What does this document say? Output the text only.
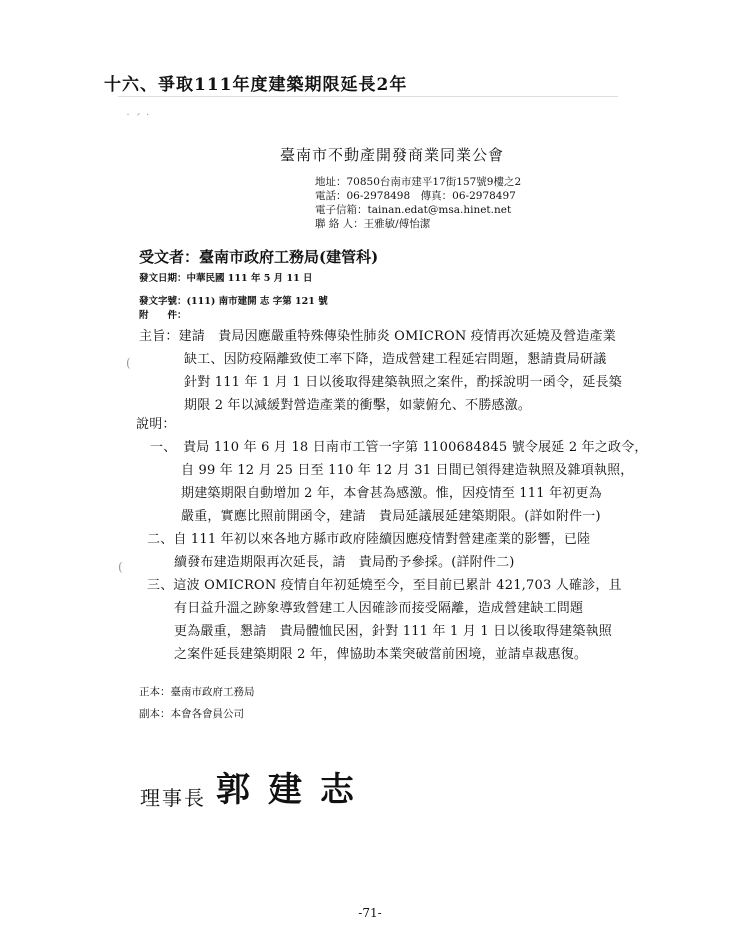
十六、爭取111年度建築期限延長2年
˙ ˊ ˙
(
(
臺南市不動產開發商業同業公會
地址：70850台南市建平17街157號9樓之2
電話：06-2978498　傳真：06-2978497
電子信箱：tainan.edat@msa.hinet.net
聯 絡 人：王雅敏/傅怡潔
受文者：臺南市政府工務局(建管科)
發文日期：中華民國 111 年 5 月 11 日
發文字號：(111) 南市建開 志 字第 121 號
附　　件：
主旨：建請　貴局因應嚴重特殊傳染性肺炎 OMICRON 疫情再次延燒及營造產業
缺工、因防疫隔離致使工率下降，造成營建工程延宕問題，懇請貴局研議
針對 111 年 1 月 1 日以後取得建築執照之案件，酌採說明一函令，延長築
期限 2 年以減緩對營造產業的衝擊，如蒙俯允、不勝感激。
說明：
一、　貴局 110 年 6 月 18 日南市工管一字第 1100684845 號令展延 2 年之政令，
自 99 年 12 月 25 日至 110 年 12 月 31 日間已領得建造執照及雜項執照，
期建築期限自動增加 2 年，本會甚為感激。惟，因疫情至 111 年初更為
嚴重，實應比照前開函令，建請　貴局延議展延建築期限。(詳如附件一)
二、自 111 年初以來各地方縣市政府陸續因應疫情對營建產業的影響，已陸
續發布建造期限再次延長，請　貴局酌予參採。(詳附件二)
三、這波 OMICRON 疫情自年初延燒至今，至目前已累計 421,703 人確診，且
有日益升溫之跡象導致營建工人因確診而接受隔離，造成營建缺工問題
更為嚴重，懇請　貴局體恤民困，針對 111 年 1 月 1 日以後取得建築執照
之案件延長建築期限 2 年，俾協助本業突破當前困境，並請卓裁惠復。
正本：臺南市政府工務局
副本：本會各會員公司
理事長 郭建志
-71-
